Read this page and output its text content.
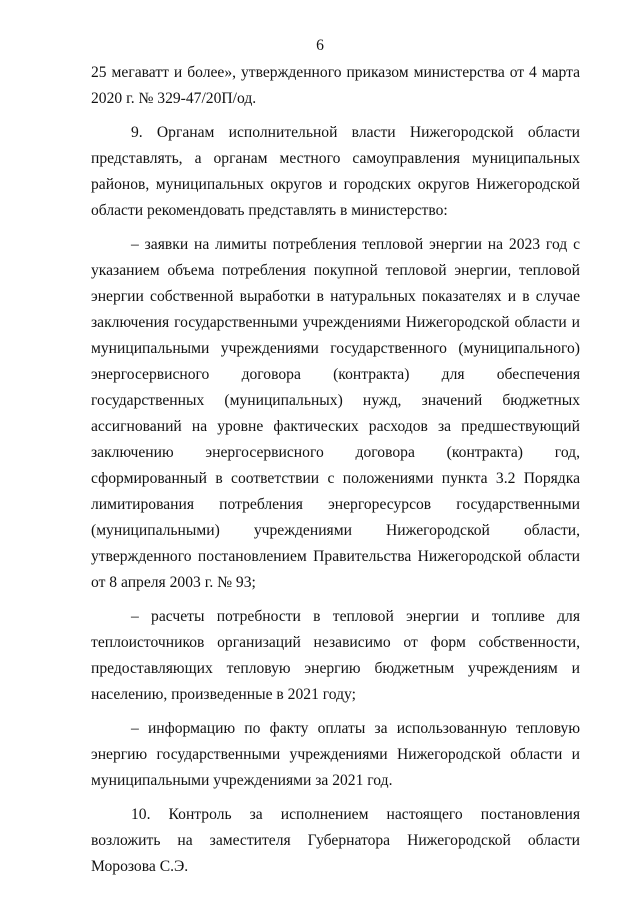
6

25 мегаватт и более», утвержденного приказом министерства от 4 марта 2020 г. № 329-47/20П/од.

9. Органам исполнительной власти Нижегородской области представлять, а органам местного самоуправления муниципальных районов, муниципальных округов и городских округов Нижегородской области рекомендовать представлять в министерство:

– заявки на лимиты потребления тепловой энергии на 2023 год с указанием объема потребления покупной тепловой энергии, тепловой энергии собственной выработки в натуральных показателях и в случае заключения государственными учреждениями Нижегородской области и муниципальными учреждениями государственного (муниципального) энергосервисного договора (контракта) для обеспечения государственных (муниципальных) нужд, значений бюджетных ассигнований на уровне фактических расходов за предшествующий заключению энергосервисного договора (контракта) год, сформированный в соответствии с положениями пункта 3.2 Порядка лимитирования потребления энергоресурсов государственными (муниципальными) учреждениями Нижегородской области, утвержденного постановлением Правительства Нижегородской области от 8 апреля 2003 г. № 93;

– расчеты потребности в тепловой энергии и топливе для теплоисточников организаций независимо от форм собственности, предоставляющих тепловую энергию бюджетным учреждениям и населению, произведенные в 2021 году;

– информацию по факту оплаты за использованную тепловую энергию государственными учреждениями Нижегородской области и муниципальными учреждениями за 2021 год.

10. Контроль за исполнением настоящего постановления возложить на заместителя Губернатора Нижегородской области Морозова С.Э.
